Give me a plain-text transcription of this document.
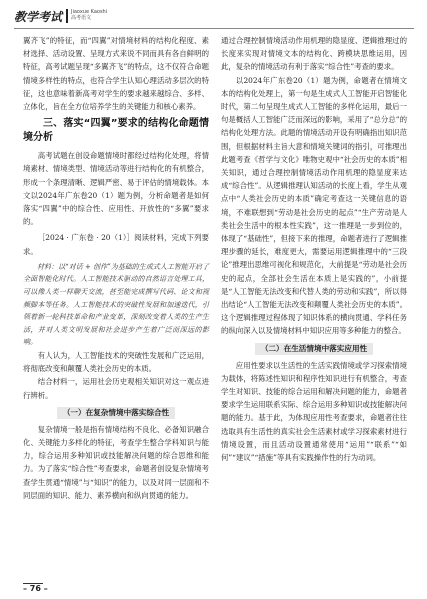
教学考试 Jiaoxue Kaoshi 高考语文

翼齐飞”的特征，而“四翼”对情境材料的结构化程度、素材选择、活动设置、呈现方式来说不同而具有各自鲜明的特征，高考试题呈现“多翼齐飞”的特点，这不仅符合命题情境多样性的特点，也符合学生认知心理活动多层次的特征，这也意味着新高考对学生的要求越来越综合、多样、立体化，旨在全方位培养学生的关键能力和核心素养。

三、落实“四翼”要求的结构化命题情境分析

高考试题在创设命题情境时都经过结构化处理，将情境素材、情境类型、情境活动等进行结构化的有机整合，形成一个条理清晰、逻辑严密、易于评估的情境载体。本文以2024年广东卷20（1）题为例，分析命题者是如何落实“四翼”中的综合性、应用性、开放性的“多翼”要求的。

［2024 · 广东卷 · 20（1）］阅读材料，完成下列要求。

材料：以“对话 + 创作”为基础的生成式人工智能开启了全面智能化时代。人工智能技术驱动的自然语言处理工具，可以像人类一样聊天交流，甚至能完成撰写代码、论文和视频脚本等任务。人工智能技术的突破性发展和加速迭代，引领着新一轮科技革命和产业变革，深刻改变着人类的生产生活，并对人类文明发展和社会进步产生着广泛而深远的影响。

有人认为，人工智能技术的突破性发展和广泛运用，将彻底改变和颠覆人类社会历史的本质。

结合材料一，运用社会历史观相关知识对这一观点进行辨析。

（一）在复杂情境中落实综合性

复杂情境一般是指有情境结构不良化、必备知识融合化、关键能力多样化的特征，考查学生整合学科知识与能力，综合运用多种知识或技能解决问题的综合思维和能力。为了落实“综合性”考查要求，命题者创设复杂情境考查学生贯通“情境”与“知识”的能力，以及对同一层面和不同层面的知识、能力、素养横向和纵向贯通的能力。

通过合理控制情境活动作用机理的隐显度、逻辑推理过的长度来实现对情境文本的结构化、跨模块思维运用，因此，复杂的情境活动有利于落实“综合性”考查的要求。

以2024年广东卷20（1）题为例，命题者在情境文本的结构化处理上，第一句是生成式人工智能开启智能化时代，第二句呈现生成式人工智能的多样化运用，最后一句是概括人工智能广泛而深远的影响，采用了“总分总”的结构化处理方法。此题的情境活动开设有明确指出知识范围，但根据材料主旨大意和情境关键词的指引，可推理出此题考查《哲学与文化》唯物史观中“社会历史的本质”相关知识，通过合理控制情境活动作用机理的隐显度来达成“综合性”。从逻辑推理认知活动的长度上看，学生从观点中“人类社会历史的本质”确定考查这一关键信息的语境，不难联想到“劳动是社会历史的起点”“生产劳动是人类社会生活中的根本性实践”，这一推理是一步到位的，体现了“基础性”，但接下来的推理，命题者进行了逻辑推理步骤的延长，难度更大，需要运用逻辑推理中的“三段论”推理出思维可视化和规范化，大前提是“劳动是社会历史的起点，全部社会生活在本质上是实践的”，小前提是“人工智能无法改变和代替人类的劳动和实践”，所以得出结论“人工智能无法改变和颠覆人类社会历史的本质”。这个逻辑推理过程体现了知识体系的横向贯通、学科任务的纵向深入以及情境材料中知识应用等多种能力的整合。

（二）在生活情境中落实应用性

应用性要求以生活性的生活实践情境或学习探索情境为载体，将陈述性知识和程序性知识进行有机整合，考查学生对知识、技能的综合运用和解决问题的能力，命题者要求学生运用联系实际、综合运用多种知识或技能解决问题的能力。基于此，为体现应用性考查要求，命题者往往选取具有生活性的真实社会生活素材或学习探索素材进行情境设置，而且活动设置通常使用“运用”“联系”“如何”“建议”“措施”等具有实践操作性的行为动词。

– 76 –
